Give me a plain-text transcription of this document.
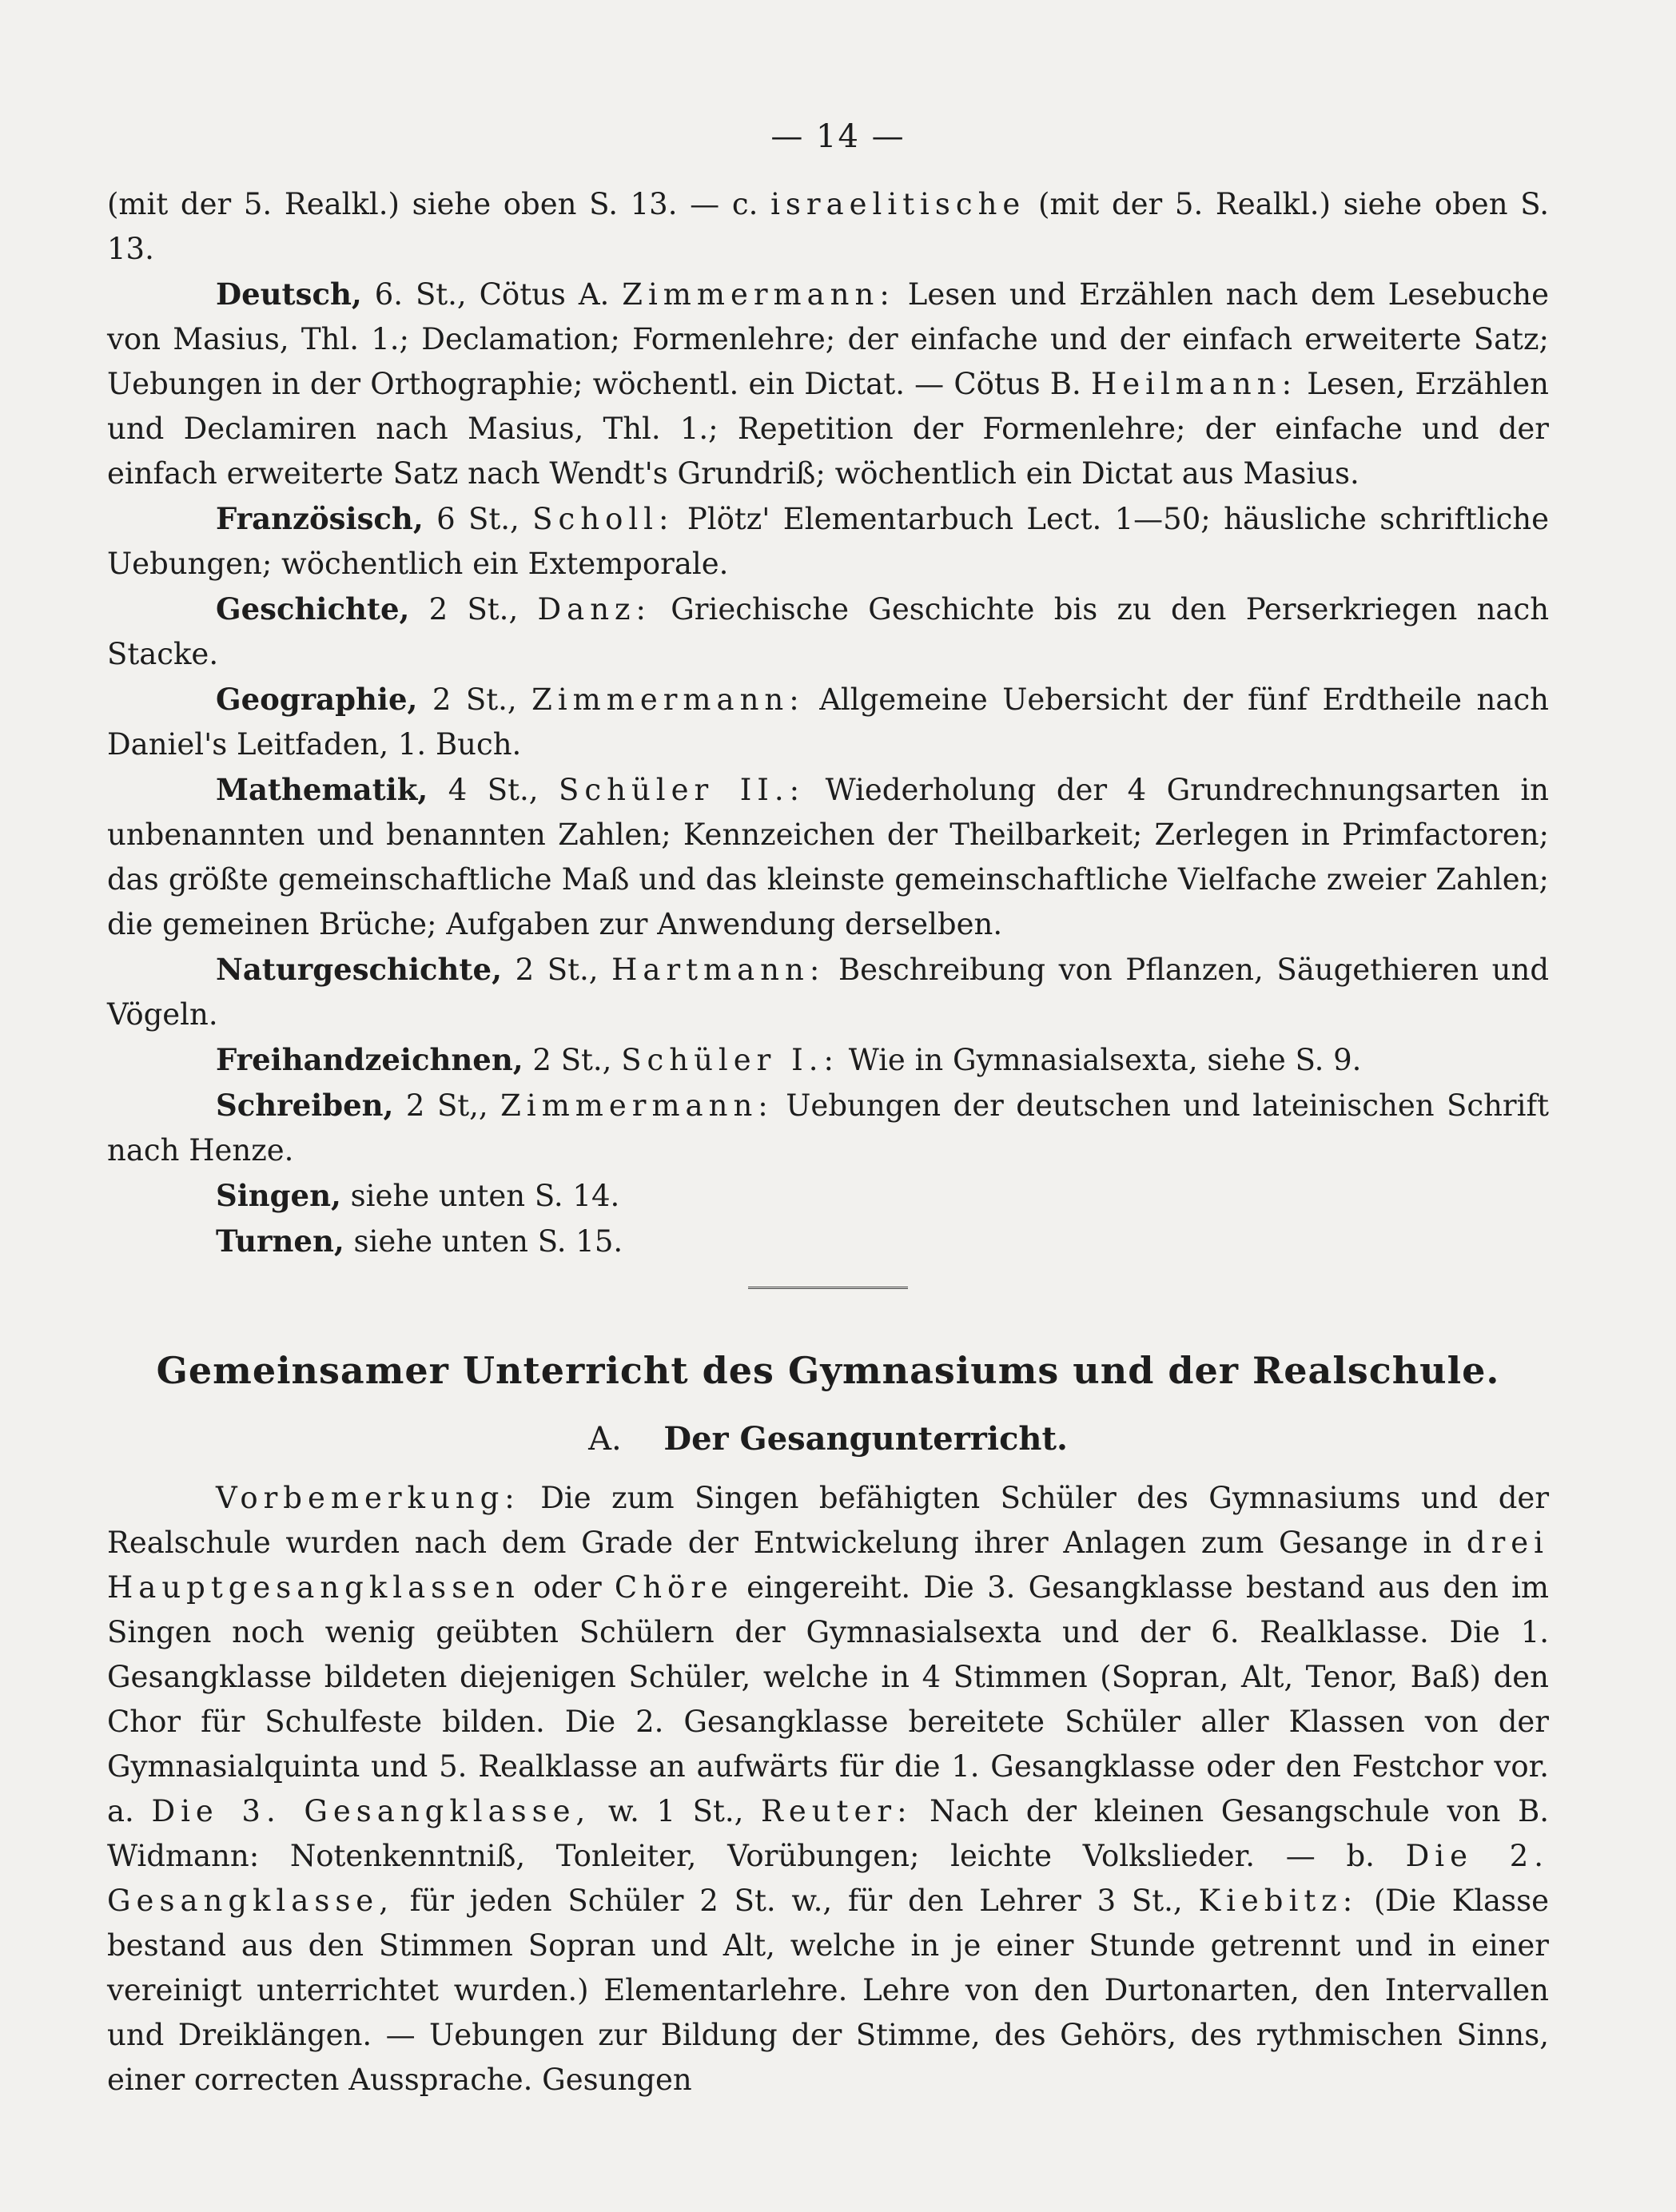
— 14 —

(mit der 5. Realkl.) siehe oben S. 13. — c. israelitische (mit der 5. Realkl.) siehe oben S. 13.

Deutsch, 6. St., Cötus A. Zimmermann: Lesen und Erzählen nach dem Lesebuche von Masius, Thl. 1.; Declamation; Formenlehre; der einfache und der einfach erweiterte Satz; Uebungen in der Orthographie; wöchentl. ein Dictat. — Cötus B. Heilmann: Lesen, Erzählen und Declamiren nach Masius, Thl. 1.; Repetition der Formenlehre; der einfache und der einfach erweiterte Satz nach Wendt's Grundriß; wöchentlich ein Dictat aus Masius.

Französisch, 6 St., Scholl: Plötz' Elementarbuch Lect. 1—50; häusliche schriftliche Uebungen; wöchentlich ein Extemporale.

Geschichte, 2 St., Danz: Griechische Geschichte bis zu den Perserkriegen nach Stacke.

Geographie, 2 St., Zimmermann: Allgemeine Uebersicht der fünf Erdtheile nach Daniel's Leitfaden, 1. Buch.

Mathematik, 4 St., Schüler II.: Wiederholung der 4 Grundrechnungsarten in unbenannten und benannten Zahlen; Kennzeichen der Theilbarkeit; Zerlegen in Primfactoren; das größte gemeinschaftliche Maß und das kleinste gemeinschaftliche Vielfache zweier Zahlen; die gemeinen Brüche; Aufgaben zur Anwendung derselben.

Naturgeschichte, 2 St., Hartmann: Beschreibung von Pflanzen, Säugethieren und Vögeln.

Freihandzeichnen, 2 St., Schüler I.: Wie in Gymnasialsexta, siehe S. 9.

Schreiben, 2 St,, Zimmermann: Uebungen der deutschen und lateinischen Schrift nach Henze.

Singen, siehe unten S. 14.

Turnen, siehe unten S. 15.

Gemeinsamer Unterricht des Gymnasiums und der Realschule.
A. Der Gesangunterricht.

Vorbemerkung: Die zum Singen befähigten Schüler des Gymnasiums und der Realschule wurden nach dem Grade der Entwickelung ihrer Anlagen zum Gesange in drei Hauptgesangklassen oder Chöre eingereiht. Die 3. Gesangklasse bestand aus den im Singen noch wenig geübten Schülern der Gymnasialsexta und der 6. Realklasse. Die 1. Gesangklasse bildeten diejenigen Schüler, welche in 4 Stimmen (Sopran, Alt, Tenor, Baß) den Chor für Schulfeste bilden. Die 2. Gesangklasse bereitete Schüler aller Klassen von der Gymnasialquinta und 5. Realklasse an aufwärts für die 1. Gesangklasse oder den Festchor vor. a. Die 3. Gesangklasse, w. 1 St., Reuter: Nach der kleinen Gesangschule von B. Widmann: Notenkenntniß, Tonleiter, Vorübungen; leichte Volkslieder. — b. Die 2. Gesangklasse, für jeden Schüler 2 St. w., für den Lehrer 3 St., Kiebitz: (Die Klasse bestand aus den Stimmen Sopran und Alt, welche in je einer Stunde getrennt und in einer vereinigt unterrichtet wurden.) Elementarlehre. Lehre von den Durtonarten, den Intervallen und Dreiklängen. — Uebungen zur Bildung der Stimme, des Gehörs, des rythmischen Sinns, einer correcten Aussprache. Gesungen
